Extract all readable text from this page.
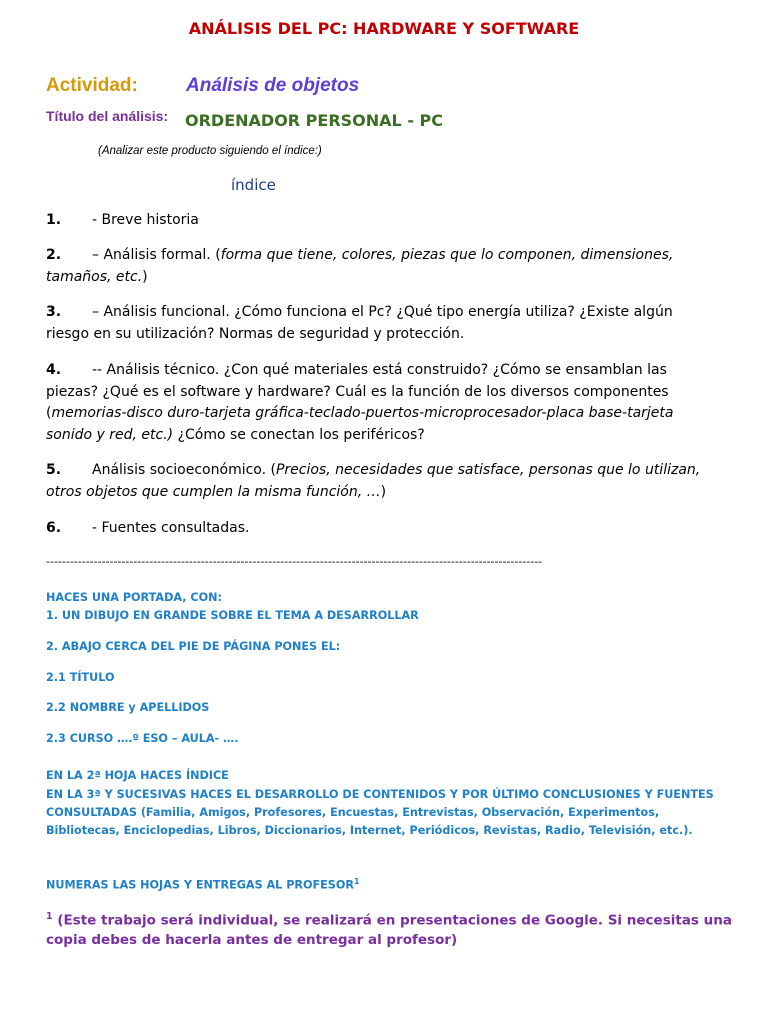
ANÁLISIS DEL PC: HARDWARE Y SOFTWARE
Actividad:	Análisis de objetos
Título del análisis: ORDENADOR PERSONAL - PC
(Analizar este producto siguiendo el índice:)
índice
1. - Breve historia
2. – Análisis formal. (forma que tiene, colores, piezas que lo componen, dimensiones, tamaños, etc.)
3. – Análisis funcional. ¿Cómo funciona el Pc? ¿Qué tipo energía utiliza? ¿Existe algún riesgo en su utilización? Normas de seguridad y protección.
4. -- Análisis técnico. ¿Con qué materiales está construido? ¿Cómo se ensamblan las piezas? ¿Qué es el software y hardware? Cuál es la función de los diversos componentes (memorias-disco duro-tarjeta gráfica-teclado-puertos-microprocesador-placa base-tarjeta sonido y red, etc.) ¿Cómo se conectan los periféricos?
5. Análisis socioeconómico. (Precios, necesidades que satisface, personas que lo utilizan, otros objetos que cumplen la misma función, …)
6. - Fuentes consultadas.
-----------------------------------------------------------------------------------------------------------------------------
HACES UNA PORTADA, CON:
1. UN DIBUJO EN GRANDE SOBRE EL TEMA A DESARROLLAR
2. ABAJO CERCA DEL PIE DE PÁGINA PONES EL:
2.1 TÍTULO
2.2 NOMBRE y APELLIDOS
2.3 CURSO ….º ESO – AULA- ….
EN LA 2ª HOJA HACES ÍNDICE
EN LA 3ª Y SUCESIVAS HACES EL DESARROLLO DE CONTENIDOS Y POR ÚLTIMO CONCLUSIONES Y FUENTES
CONSULTADAS (Familia, Amigos, Profesores, Encuestas, Entrevistas, Observación, Experimentos,
Bibliotecas, Enciclopedias, Libros, Diccionarios, Internet, Periódicos, Revistas, Radio, Televisión, etc.).
NUMERAS LAS HOJAS Y ENTREGAS AL PROFESOR$^1$
$^1$ (Este trabajo será individual, se realizará en presentaciones de Google. Si necesitas una
copia debes de hacerla antes de entregar al profesor)
